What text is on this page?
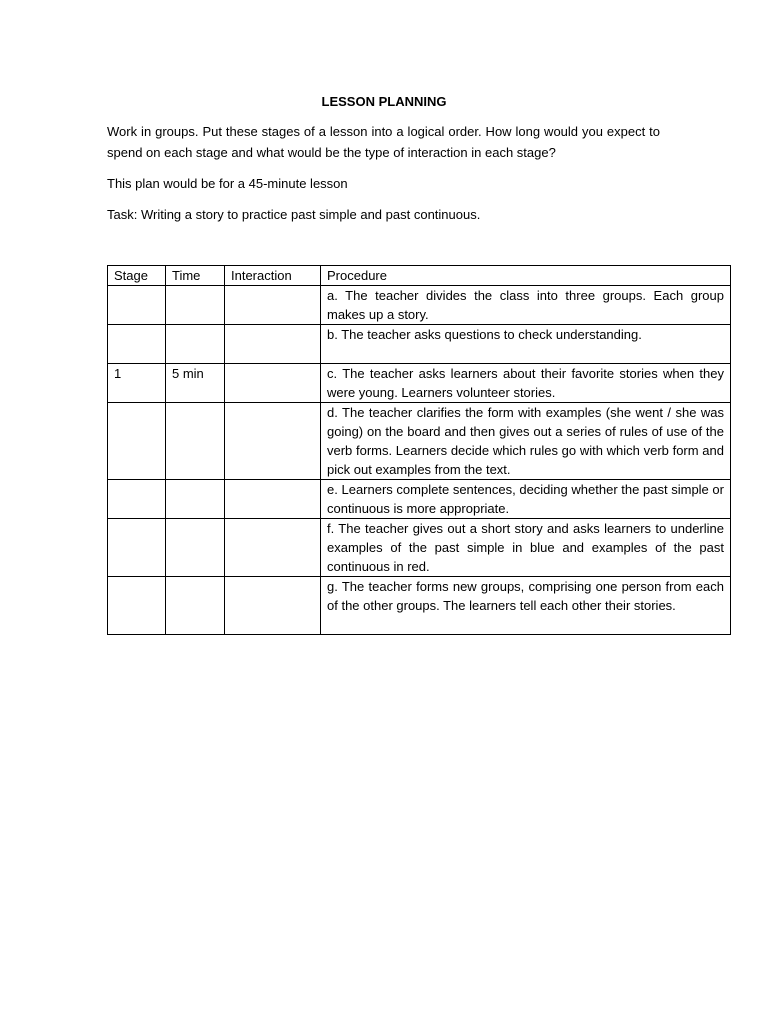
LESSON PLANNING

Work in groups. Put these stages of a lesson into a logical order. How long would you expect to spend on each stage and what would be the type of interaction in each stage?

This plan would be for a 45-minute lesson

Task: Writing a story to practice past simple and past continuous.

Stage	Time	Interaction	Procedure
			a. The teacher divides the class into three groups. Each group makes up a story.
			b. The teacher asks questions to check understanding.
1	5 min		c. The teacher asks learners about their favorite stories when they were young. Learners volunteer stories.
			d. The teacher clarifies the form with examples (she went / she was going) on the board and then gives out a series of rules of use of the verb forms. Learners decide which rules go with which verb form and pick out examples from the text.
			e. Learners complete sentences, deciding whether the past simple or continuous is more appropriate.
			f. The teacher gives out a short story and asks learners to underline examples of the past simple in blue and examples of the past continuous in red.
			g. The teacher forms new groups, comprising one person from each of the other groups. The learners tell each other their stories.
